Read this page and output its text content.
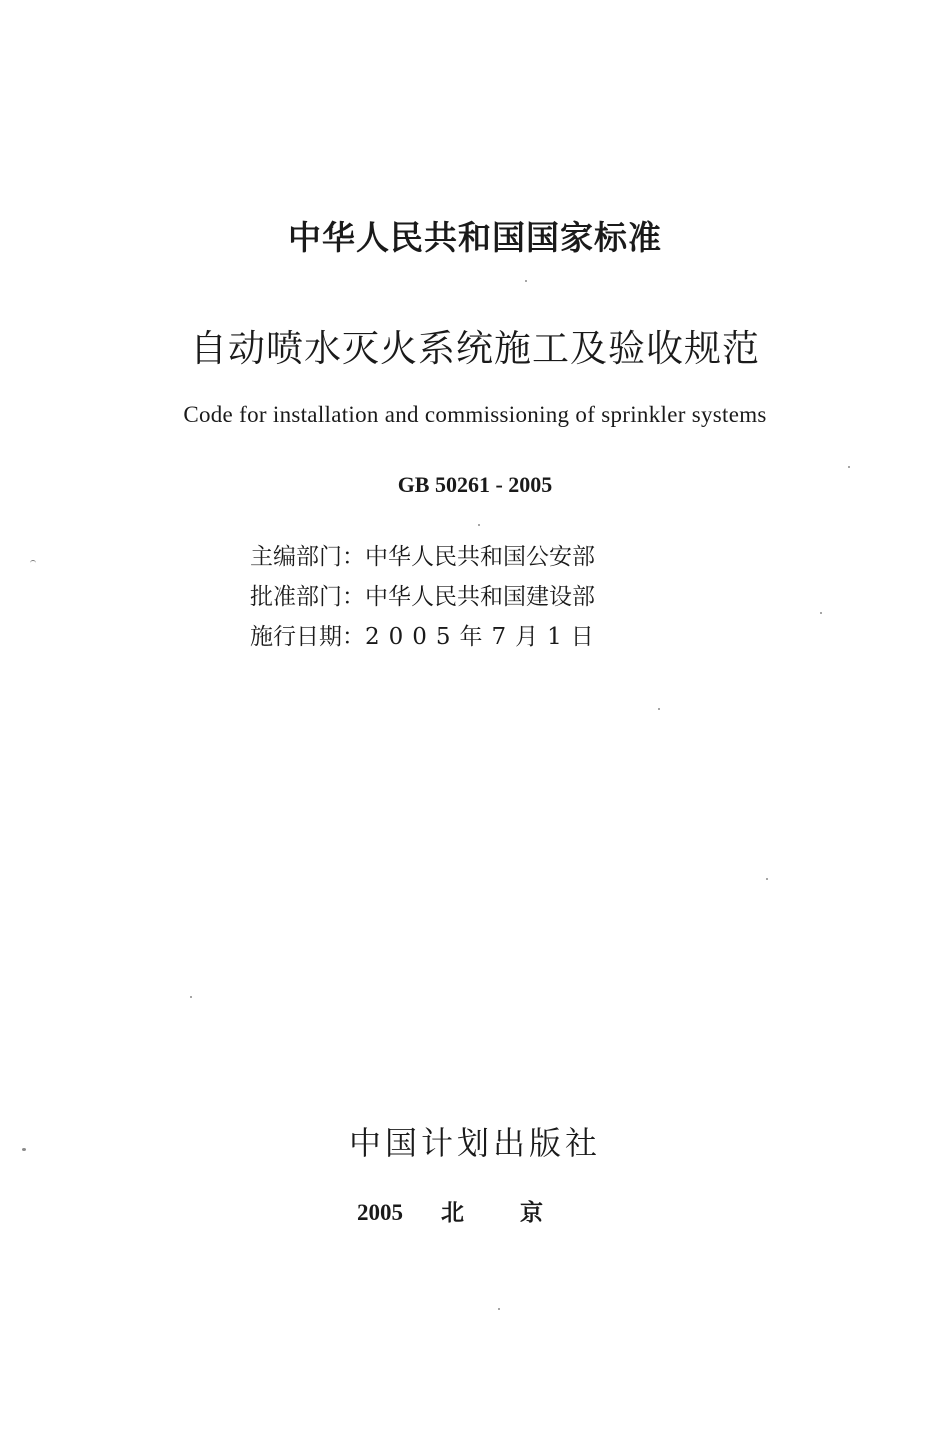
中华人民共和国国家标准
自动喷水灭火系统施工及验收规范
Code for installation and commissioning of sprinkler systems
GB 50261 - 2005
主编部门：中华人民共和国公安部
批准部门：中华人民共和国建设部
施行日期：2005年7月1日
中国计划出版社
2005 北京
